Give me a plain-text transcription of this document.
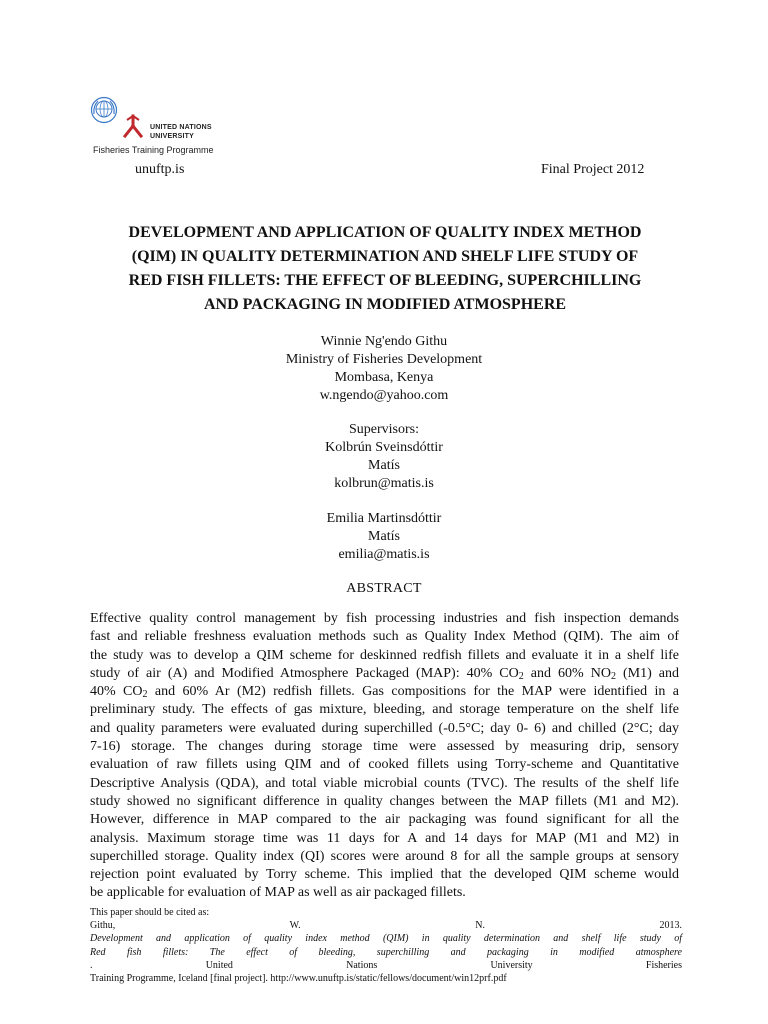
UNITED NATIONS
UNIVERSITY
Fisheries Training Programme
unuftp.is	Final Project 2012
DEVELOPMENT AND APPLICATION OF QUALITY INDEX METHOD
(QIM) IN QUALITY DETERMINATION AND SHELF LIFE STUDY OF
RED FISH FILLETS: THE EFFECT OF BLEEDING, SUPERCHILLING
AND PACKAGING IN MODIFIED ATMOSPHERE
Winnie Ng'endo Githu
Ministry of Fisheries Development
Mombasa, Kenya
w.ngendo@yahoo.com
Supervisors:
Kolbrún Sveinsdóttir
Matís
kolbrun@matis.is
Emilia Martinsdóttir
Matís
emilia@matis.is
ABSTRACT
Effective quality control management by fish processing industries and fish inspection demands
fast and reliable freshness evaluation methods such as Quality Index Method (QIM). The aim of
the study was to develop a QIM scheme for deskinned redfish fillets and evaluate it in a shelf life
study of air (A) and Modified Atmosphere Packaged (MAP): 40% $CO_2$ and 60% $NO_2$ (M1) and
40% $CO_2$ and 60% Ar (M2) redfish fillets. Gas compositions for the MAP were identified in a
preliminary study. The effects of gas mixture, bleeding, and storage temperature on the shelf life
and quality parameters were evaluated during superchilled (-0.5°C; day 0- 6) and chilled (2°C; day
7-16) storage. The changes during storage time were assessed by measuring drip, sensory
evaluation of raw fillets using QIM and of cooked fillets using Torry-scheme and Quantitative
Descriptive Analysis (QDA), and total viable microbial counts (TVC). The results of the shelf life
study showed no significant difference in quality changes between the MAP fillets (M1 and M2).
However, difference in MAP compared to the air packaging was found significant for all the
analysis. Maximum storage time was 11 days for A and 14 days for MAP (M1 and M2) in
superchilled storage. Quality index (QI) scores were around 8 for all the sample groups at sensory
rejection point evaluated by Torry scheme. This implied that the developed QIM scheme would
be applicable for evaluation of MAP as well as air packaged fillets.
This paper should be cited as:
Githu, W. N. 2013.
Development and application of quality index method (QIM) in quality determination and shelf life study of
Red fish fillets: The effect of bleeding, superchilling and packaging in modified atmosphere
. United Nations University Fisheries
Training Programme, Iceland [final project]. http://www.unuftp.is/static/fellows/document/win12prf.pdf
